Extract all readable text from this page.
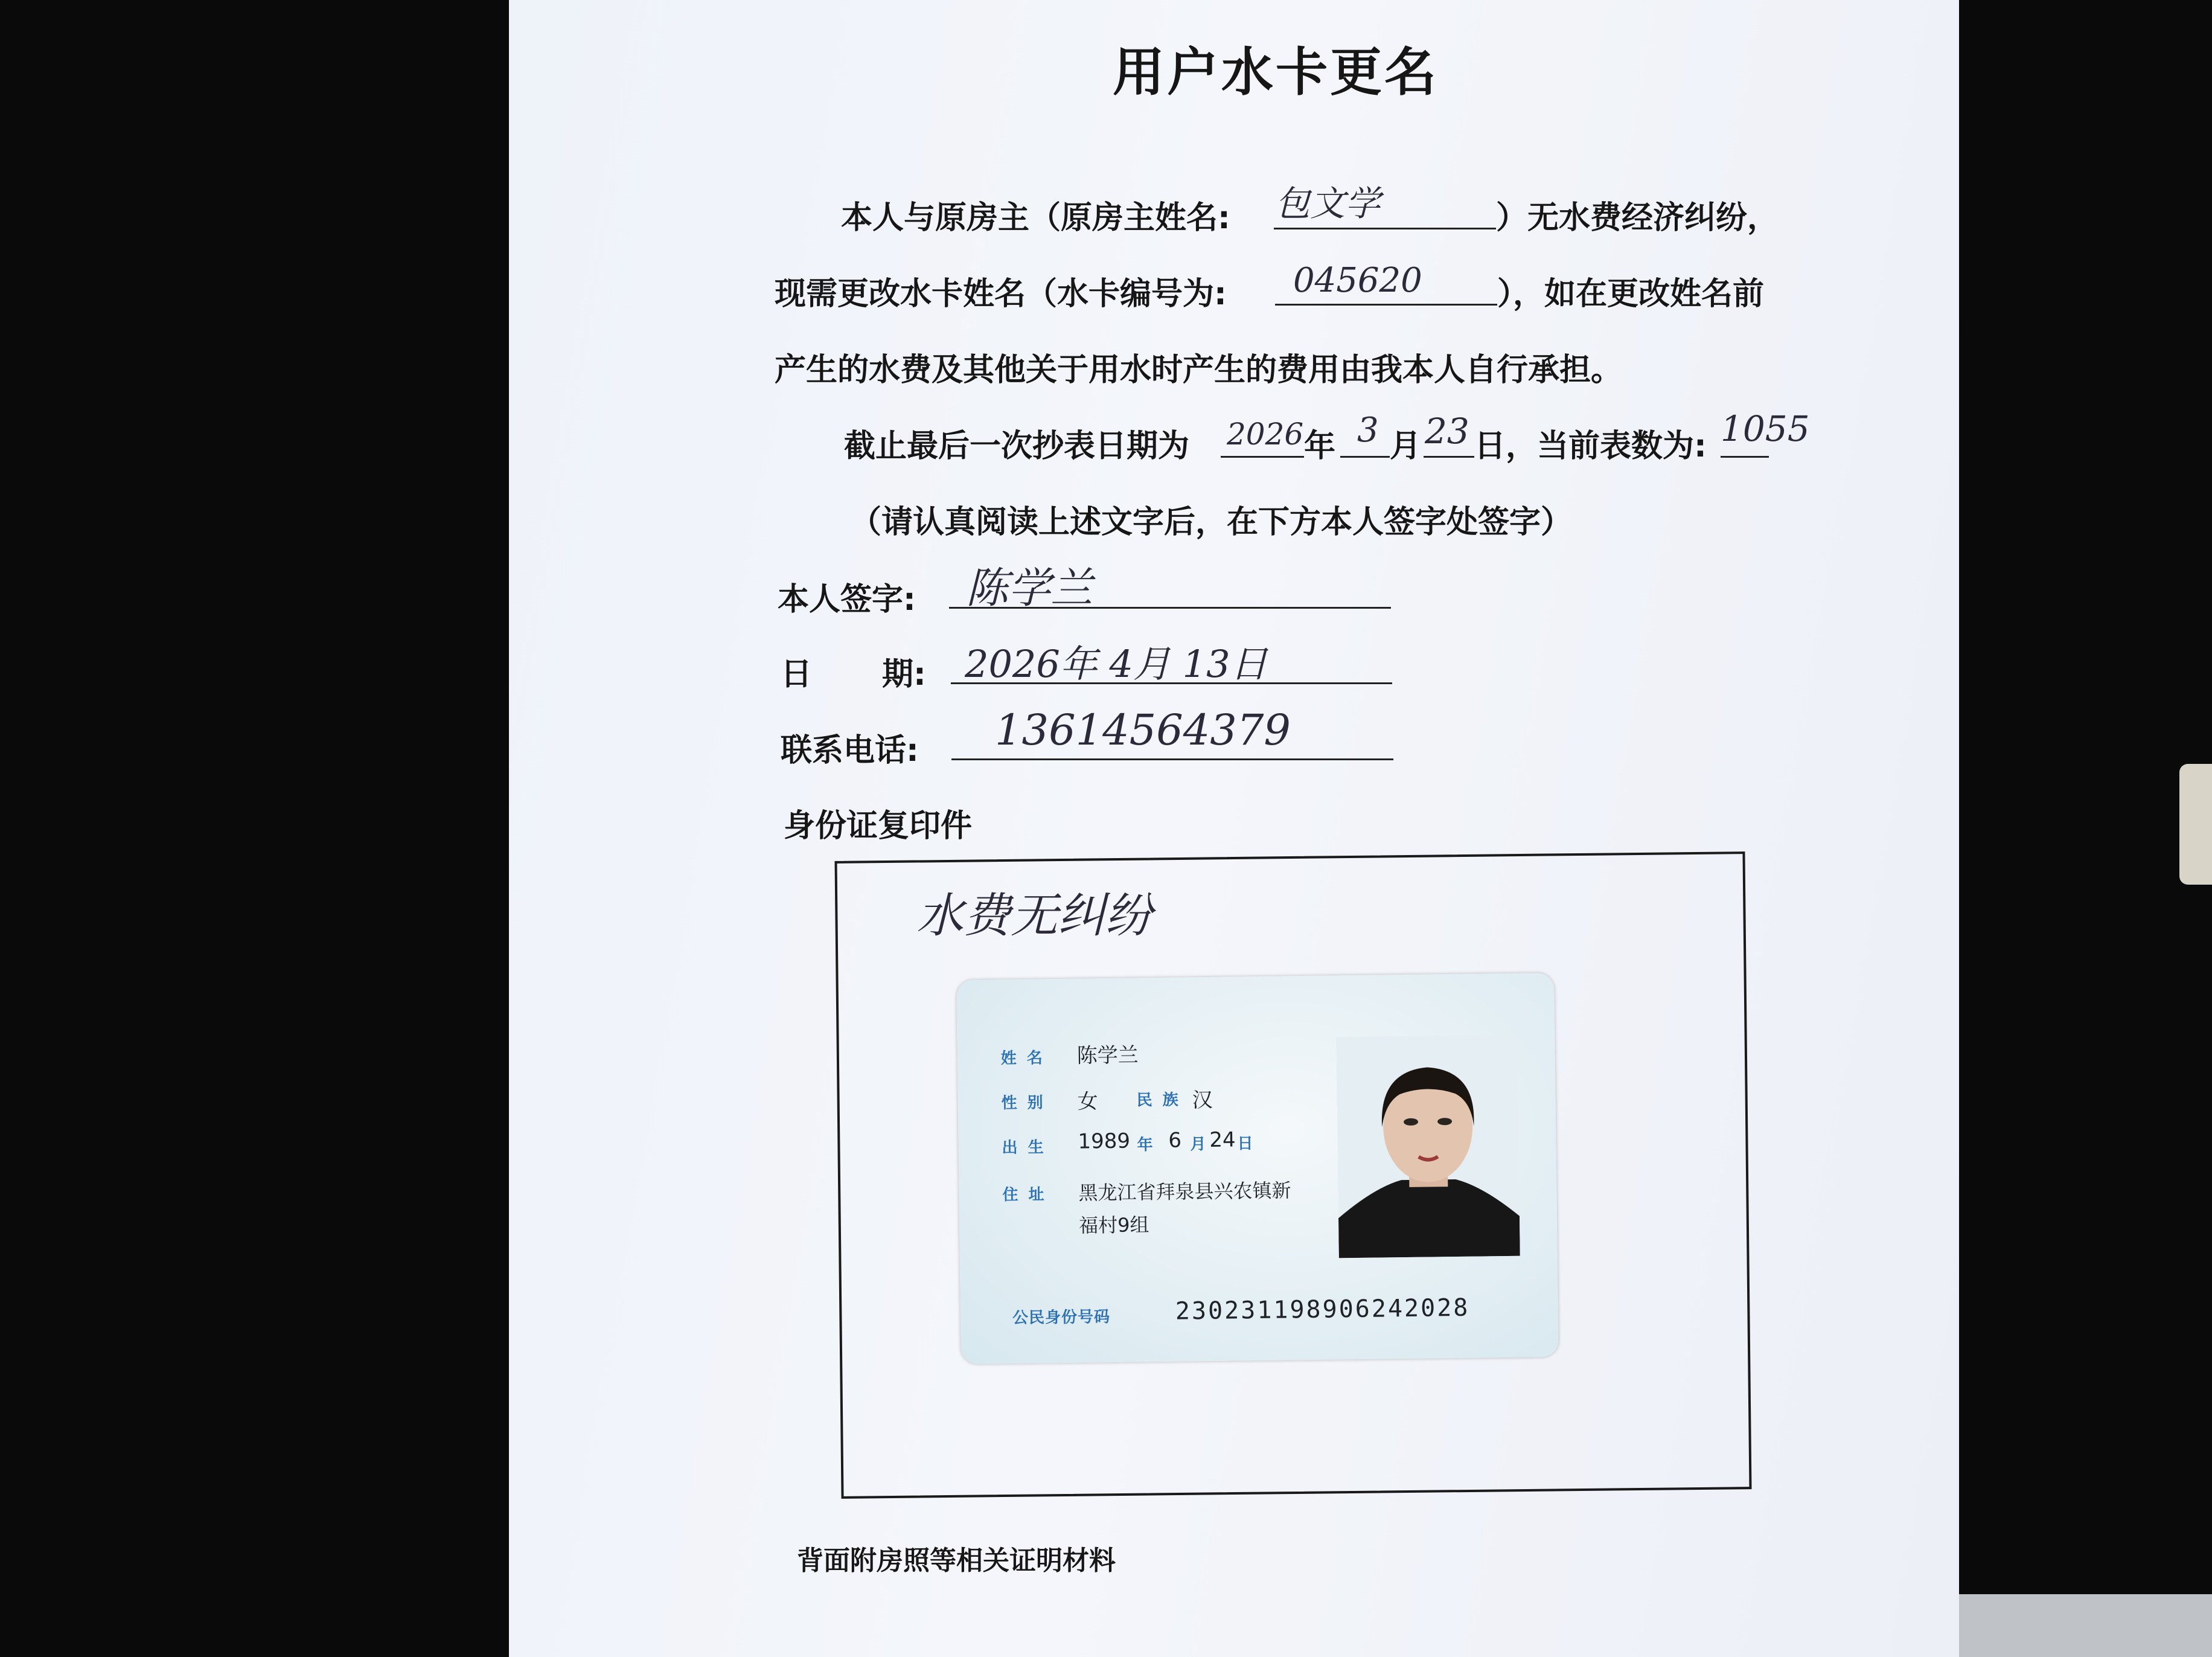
用户水卡更名
本人与原房主（原房主姓名: 包文学	）无水费经济纠纷，
现需更改水卡姓名（水卡编号为: 045620 ），如在更改姓名前
产生的水费及其他关于用水时产生的费用由我本人自行承担。
截止最后一次抄表日期为 2026 年 3 月 23 日，当前表数为: 1055
（请认真阅读上述文字后，在下方本人签字处签字）
本人签字: 陈学兰
日 期: 2026年 4月 13日
联系电话: 13614564379
身份证复印件
水费无纠纷
姓 名 陈学兰
性 别 女 民 族 汉
出 生 1989 年 6 月 24 日
住 址 黑龙江省拜泉县兴农镇新
福村9组
公民身份号码	230231198906242028
背面附房照等相关证明材料
